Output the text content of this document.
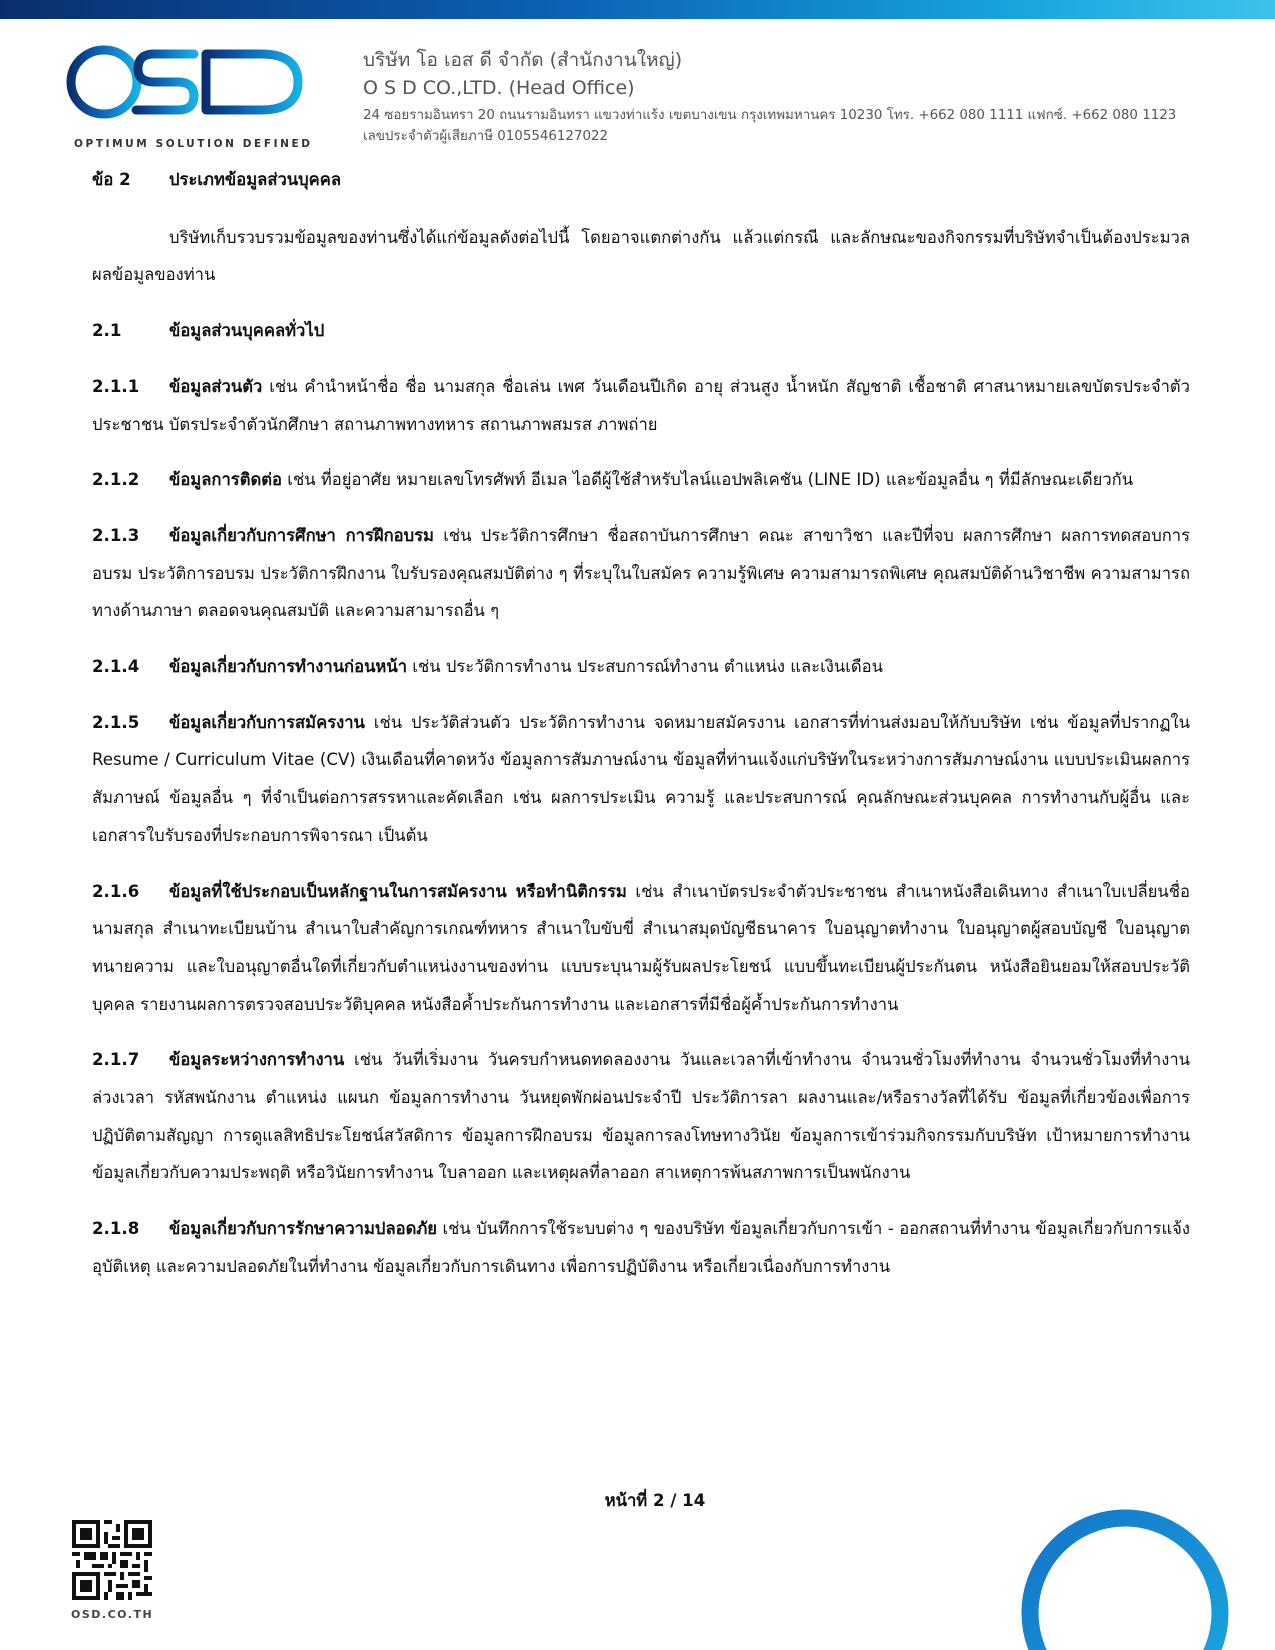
OPTIMUM SOLUTION DEFINED
บริษัท โอ เอส ดี จำกัด (สำนักงานใหญ่)
O S D CO.,LTD. (Head Office)
24 ซอยรามอินทรา 20 ถนนรามอินทรา แขวงท่าแร้ง เขตบางเขน กรุงเทพมหานคร 10230 โทร. +662 080 1111 แฟกซ์. +662 080 1123
เลขประจำตัวผู้เสียภาษี 0105546127022
ข้อ 2	ประเภทข้อมูลส่วนบุคคล

บริษัทเก็บรวบรวมข้อมูลของท่านซึ่งได้แก่ข้อมูลดังต่อไปนี้ โดยอาจแตกต่างกัน แล้วแต่กรณี และลักษณะของกิจกรรมที่บริษัทจำเป็นต้องประมวลผลข้อมูลของท่าน

2.1	ข้อมูลส่วนบุคคลทั่วไป

2.1.1 ข้อมูลส่วนตัว เช่น คำนำหน้าชื่อ ชื่อ นามสกุล ชื่อเล่น เพศ วันเดือนปีเกิด อายุ ส่วนสูง น้ำหนัก สัญชาติ เชื้อชาติ ศาสนาหมายเลขบัตรประจำตัวประชาชน บัตรประจำตัวนักศึกษา สถานภาพทางทหาร สถานภาพสมรส ภาพถ่าย

2.1.2 ข้อมูลการติดต่อ เช่น ที่อยู่อาศัย หมายเลขโทรศัพท์ อีเมล ไอดีผู้ใช้สำหรับไลน์แอปพลิเคชัน (LINE ID) และข้อมูลอื่น ๆ ที่มีลักษณะเดียวกัน

2.1.3 ข้อมูลเกี่ยวกับการศึกษา การฝึกอบรม เช่น ประวัติการศึกษา ชื่อสถาบันการศึกษา คณะ สาขาวิชา และปีที่จบ ผลการศึกษา ผลการทดสอบการอบรม ประวัติการอบรม ประวัติการฝึกงาน ใบรับรองคุณสมบัติต่าง ๆ ที่ระบุในใบสมัคร ความรู้พิเศษ ความสามารถพิเศษ คุณสมบัติด้านวิชาชีพ ความสามารถทางด้านภาษา ตลอดจนคุณสมบัติ และความสามารถอื่น ๆ

2.1.4 ข้อมูลเกี่ยวกับการทำงานก่อนหน้า เช่น ประวัติการทำงาน ประสบการณ์ทำงาน ตำแหน่ง และเงินเดือน

2.1.5 ข้อมูลเกี่ยวกับการสมัครงาน เช่น ประวัติส่วนตัว ประวัติการทำงาน จดหมายสมัครงาน เอกสารที่ท่านส่งมอบให้กับบริษัท เช่น ข้อมูลที่ปรากฏใน Resume / Curriculum Vitae (CV) เงินเดือนที่คาดหวัง ข้อมูลการสัมภาษณ์งาน ข้อมูลที่ท่านแจ้งแก่บริษัทในระหว่างการสัมภาษณ์งาน แบบประเมินผลการสัมภาษณ์ ข้อมูลอื่น ๆ ที่จำเป็นต่อการสรรหาและคัดเลือก เช่น ผลการประเมิน ความรู้ และประสบการณ์ คุณลักษณะส่วนบุคคล การทำงานกับผู้อื่น และเอกสารใบรับรองที่ประกอบการพิจารณา เป็นต้น

2.1.6 ข้อมูลที่ใช้ประกอบเป็นหลักฐานในการสมัครงาน หรือทำนิติกรรม เช่น สำเนาบัตรประจำตัวประชาชน สำเนาหนังสือเดินทาง สำเนาใบเปลี่ยนชื่อนามสกุล สำเนาทะเบียนบ้าน สำเนาใบสำคัญการเกณฑ์ทหาร สำเนาใบขับขี่ สำเนาสมุดบัญชีธนาคาร ใบอนุญาตทำงาน ใบอนุญาตผู้สอบบัญชี ใบอนุญาตทนายความ และใบอนุญาตอื่นใดที่เกี่ยวกับตำแหน่งงานของท่าน แบบระบุนามผู้รับผลประโยชน์ แบบขึ้นทะเบียนผู้ประกันตน หนังสือยินยอมให้สอบประวัติบุคคล รายงานผลการตรวจสอบประวัติบุคคล หนังสือค้ำประกันการทำงาน และเอกสารที่มีชื่อผู้ค้ำประกันการทำงาน

2.1.7 ข้อมูลระหว่างการทำงาน เช่น วันที่เริ่มงาน วันครบกำหนดทดลองงาน วันและเวลาที่เข้าทำงาน จำนวนชั่วโมงที่ทำงาน จำนวนชั่วโมงที่ทำงานล่วงเวลา รหัสพนักงาน ตำแหน่ง แผนก ข้อมูลการทำงาน วันหยุดพักผ่อนประจำปี ประวัติการลา ผลงานและ/หรือรางวัลที่ได้รับ ข้อมูลที่เกี่ยวข้องเพื่อการปฏิบัติตามสัญญา การดูแลสิทธิประโยชน์สวัสดิการ ข้อมูลการฝึกอบรม ข้อมูลการลงโทษทางวินัย ข้อมูลการเข้าร่วมกิจกรรมกับบริษัท เป้าหมายการทำงาน ข้อมูลเกี่ยวกับความประพฤติ หรือวินัยการทำงาน ใบลาออก และเหตุผลที่ลาออก สาเหตุการพ้นสภาพการเป็นพนักงาน

2.1.8 ข้อมูลเกี่ยวกับการรักษาความปลอดภัย เช่น บันทึกการใช้ระบบต่าง ๆ ของบริษัท ข้อมูลเกี่ยวกับการเข้า - ออกสถานที่ทำงาน ข้อมูลเกี่ยวกับการแจ้งอุบัติเหตุ และความปลอดภัยในที่ทำงาน ข้อมูลเกี่ยวกับการเดินทาง เพื่อการปฏิบัติงาน หรือเกี่ยวเนื่องกับการทำงาน

หน้าที่ 2 / 14
OSD.CO.TH
